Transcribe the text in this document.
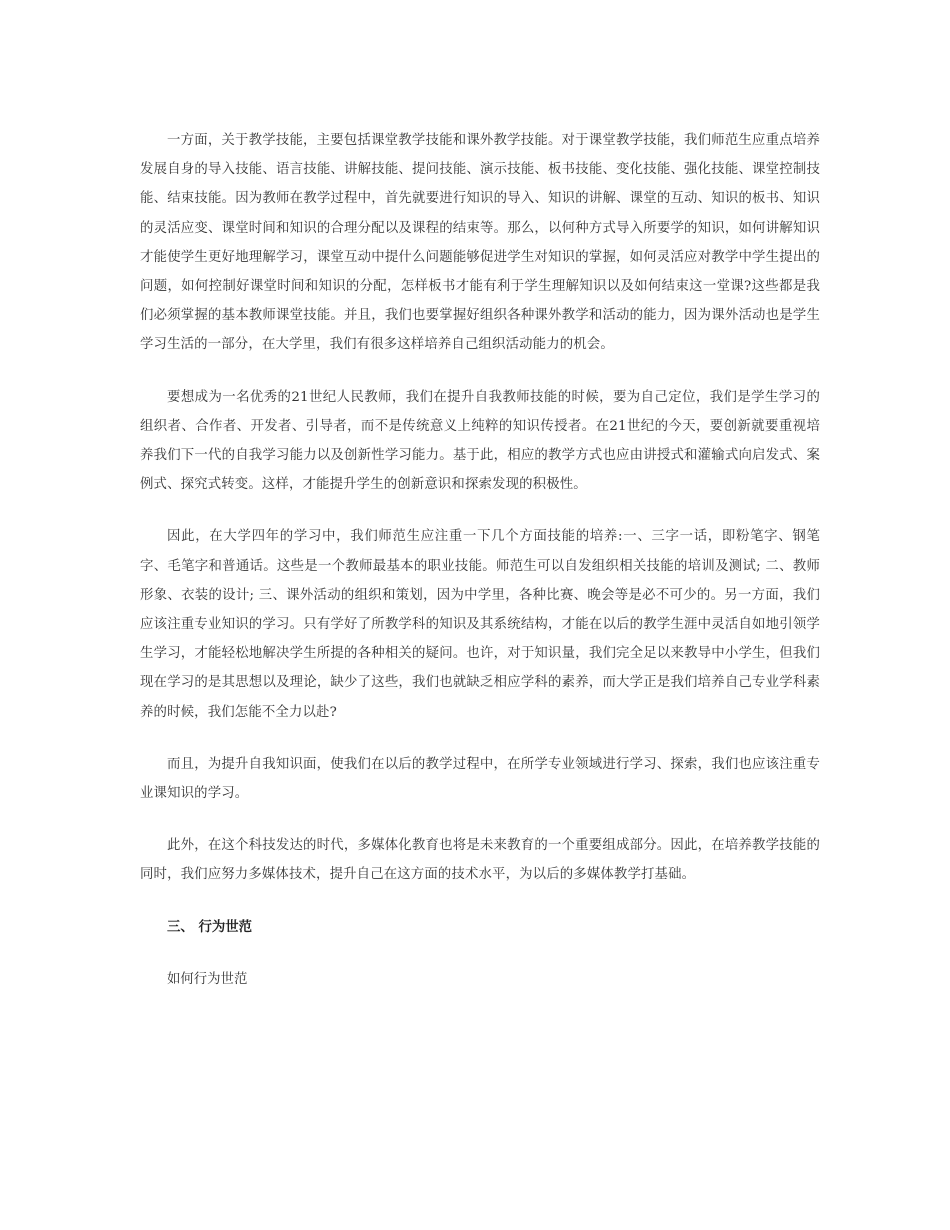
一方面，关于教学技能，主要包括课堂教学技能和课外教学技能。对于课堂教学技能，我们师范生应重点培养发展自身的导入技能、语言技能、讲解技能、提问技能、演示技能、板书技能、变化技能、强化技能、课堂控制技能、结束技能。因为教师在教学过程中，首先就要进行知识的导入、知识的讲解、课堂的互动、知识的板书、知识的灵活应变、课堂时间和知识的合理分配以及课程的结束等。那么，以何种方式导入所要学的知识，如何讲解知识才能使学生更好地理解学习，课堂互动中提什么问题能够促进学生对知识的掌握，如何灵活应对教学中学生提出的问题，如何控制好课堂时间和知识的分配，怎样板书才能有利于学生理解知识以及如何结束这一堂课?这些都是我们必须掌握的基本教师课堂技能。并且，我们也要掌握好组织各种课外教学和活动的能力，因为课外活动也是学生学习生活的一部分，在大学里，我们有很多这样培养自己组织活动能力的机会。

要想成为一名优秀的21世纪人民教师，我们在提升自我教师技能的时候，要为自己定位，我们是学生学习的组织者、合作者、开发者、引导者，而不是传统意义上纯粹的知识传授者。在21世纪的今天，要创新就要重视培养我们下一代的自我学习能力以及创新性学习能力。基于此，相应的教学方式也应由讲授式和灌输式向启发式、案例式、探究式转变。这样，才能提升学生的创新意识和探索发现的积极性。

因此，在大学四年的学习中，我们师范生应注重一下几个方面技能的培养:一、三字一话，即粉笔字、钢笔字、毛笔字和普通话。这些是一个教师最基本的职业技能。师范生可以自发组织相关技能的培训及测试; 二、教师形象、衣装的设计; 三、课外活动的组织和策划，因为中学里，各种比赛、晚会等是必不可少的。另一方面，我们应该注重专业知识的学习。只有学好了所教学科的知识及其系统结构，才能在以后的教学生涯中灵活自如地引领学生学习，才能轻松地解决学生所提的各种相关的疑问。也许，对于知识量，我们完全足以来教导中小学生，但我们现在学习的是其思想以及理论，缺少了这些，我们也就缺乏相应学科的素养，而大学正是我们培养自己专业学科素养的时候，我们怎能不全力以赴?

而且，为提升自我知识面，使我们在以后的教学过程中，在所学专业领域进行学习、探索，我们也应该注重专业课知识的学习。

此外，在这个科技发达的时代，多媒体化教育也将是未来教育的一个重要组成部分。因此，在培养教学技能的同时，我们应努力多媒体技术，提升自己在这方面的技术水平，为以后的多媒体教学打基础。

三、 行为世范

如何行为世范
